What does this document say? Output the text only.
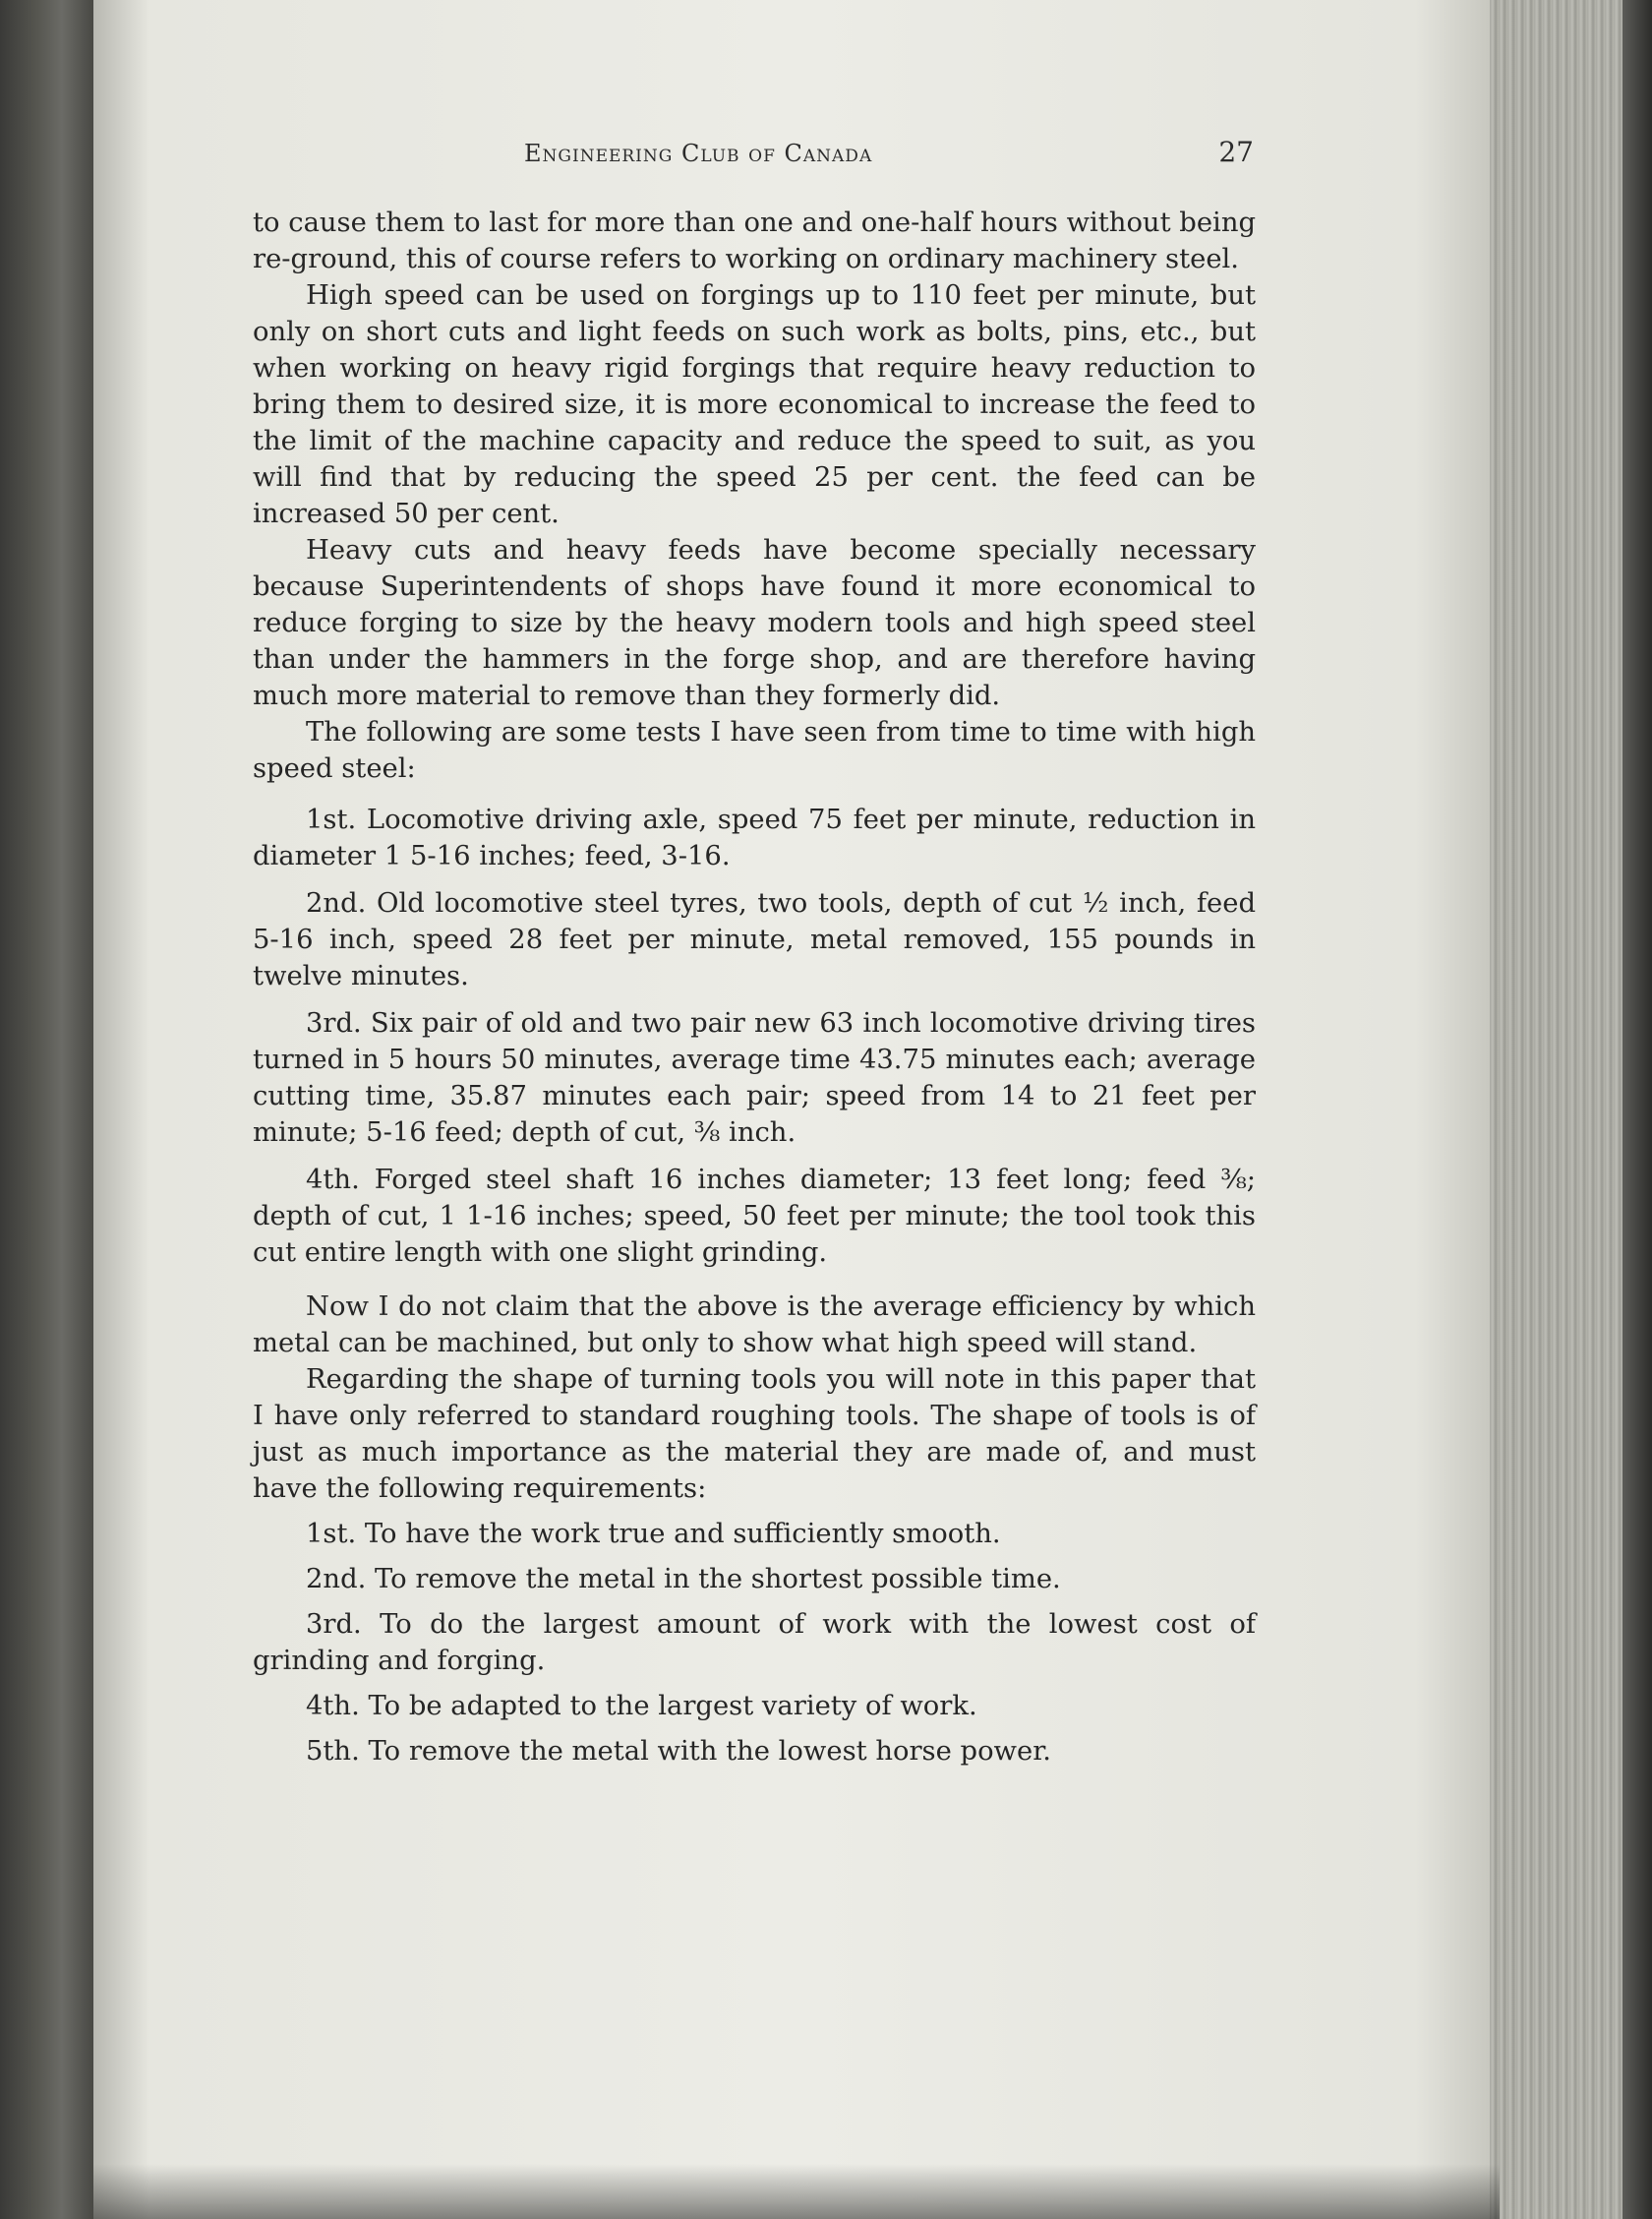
Engineering Club of Canada	27

to cause them to last for more than one and one-half hours without being re-ground, this of course refers to working on ordinary machinery steel.

High speed can be used on forgings up to 110 feet per minute, but only on short cuts and light feeds on such work as bolts, pins, etc., but when working on heavy rigid forgings that require heavy reduction to bring them to desired size, it is more economical to increase the feed to the limit of the machine capacity and reduce the speed to suit, as you will find that by reducing the speed 25 per cent. the feed can be increased 50 per cent.

Heavy cuts and heavy feeds have become specially necessary because Superintendents of shops have found it more economical to reduce forging to size by the heavy modern tools and high speed steel than under the hammers in the forge shop, and are therefore having much more material to remove than they formerly did.

The following are some tests I have seen from time to time with high speed steel:

1st. Locomotive driving axle, speed 75 feet per minute, reduction in diameter 1 5-16 inches; feed, 3-16.

2nd. Old locomotive steel tyres, two tools, depth of cut ½ inch, feed 5-16 inch, speed 28 feet per minute, metal removed, 155 pounds in twelve minutes.

3rd. Six pair of old and two pair new 63 inch locomotive driving tires turned in 5 hours 50 minutes, average time 43.75 minutes each; average cutting time, 35.87 minutes each pair; speed from 14 to 21 feet per minute; 5-16 feed; depth of cut, ⅜ inch.

4th. Forged steel shaft 16 inches diameter; 13 feet long; feed ⅜; depth of cut, 1 1-16 inches; speed, 50 feet per minute; the tool took this cut entire length with one slight grinding.

Now I do not claim that the above is the average efficiency by which metal can be machined, but only to show what high speed will stand.

Regarding the shape of turning tools you will note in this paper that I have only referred to standard roughing tools. The shape of tools is of just as much importance as the material they are made of, and must have the following requirements:

1st. To have the work true and sufficiently smooth.

2nd. To remove the metal in the shortest possible time.

3rd. To do the largest amount of work with the lowest cost of grinding and forging.

4th. To be adapted to the largest variety of work.

5th. To remove the metal with the lowest horse power.
